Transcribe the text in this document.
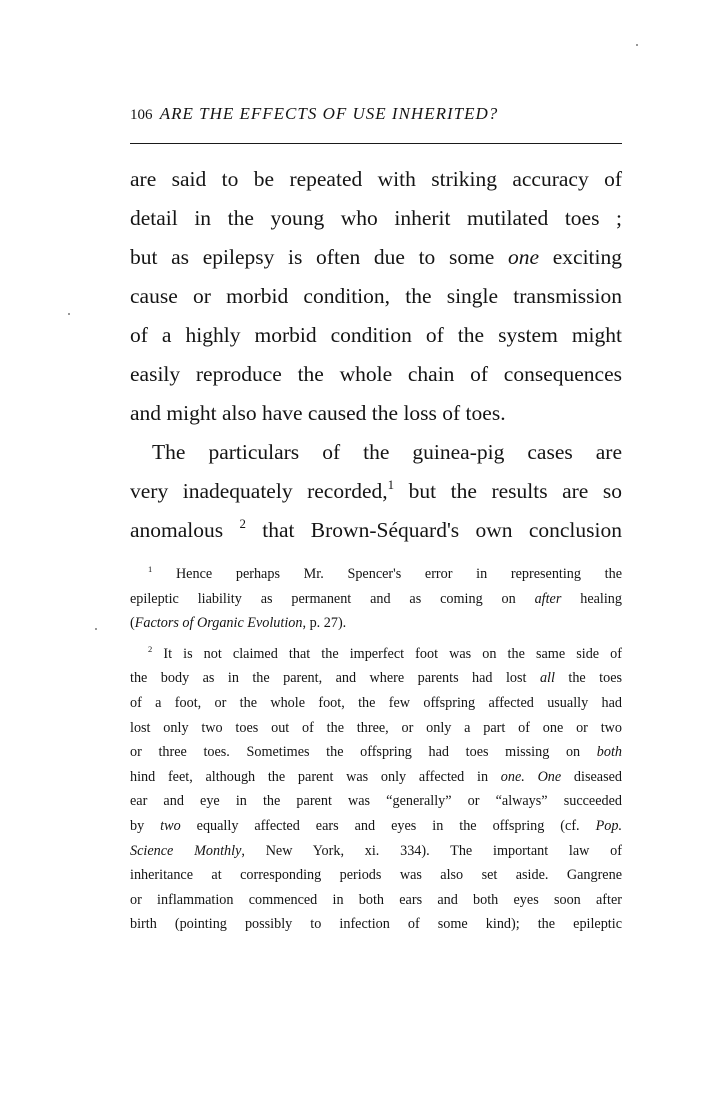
106 ARE THE EFFECTS OF USE INHERITED?
are said to be repeated with striking accuracy of
detail in the young who inherit mutilated toes ;
but as epilepsy is often due to some one exciting
cause or morbid condition, the single transmission
of a highly morbid condition of the system might
easily reproduce the whole chain of consequences
and might also have caused the loss of toes.
The particulars of the guinea-pig cases are
very inadequately recorded,$^1$ but the results are so
anomalous $^2$ that Brown-Séquard's own conclusion
$^1$ Hence perhaps Mr. Spencer's error in representing the
epileptic liability as permanent and as coming on after healing
(Factors of Organic Evolution, p. 27).
$^2$ It is not claimed that the imperfect foot was on the same side of
the body as in the parent, and where parents had lost all the toes
of a foot, or the whole foot, the few offspring affected usually had
lost only two toes out of the three, or only a part of one or two
or three toes. Sometimes the offspring had toes missing on both
hind feet, although the parent was only affected in one. One diseased
ear and eye in the parent was “generally” or “always” succeeded
by two equally affected ears and eyes in the offspring (cf. Pop.
Science Monthly, New York, xi. 334). The important law of
inheritance at corresponding periods was also set aside. Gangrene
or inflammation commenced in both ears and both eyes soon after
birth (pointing possibly to infection of some kind); the epileptic
